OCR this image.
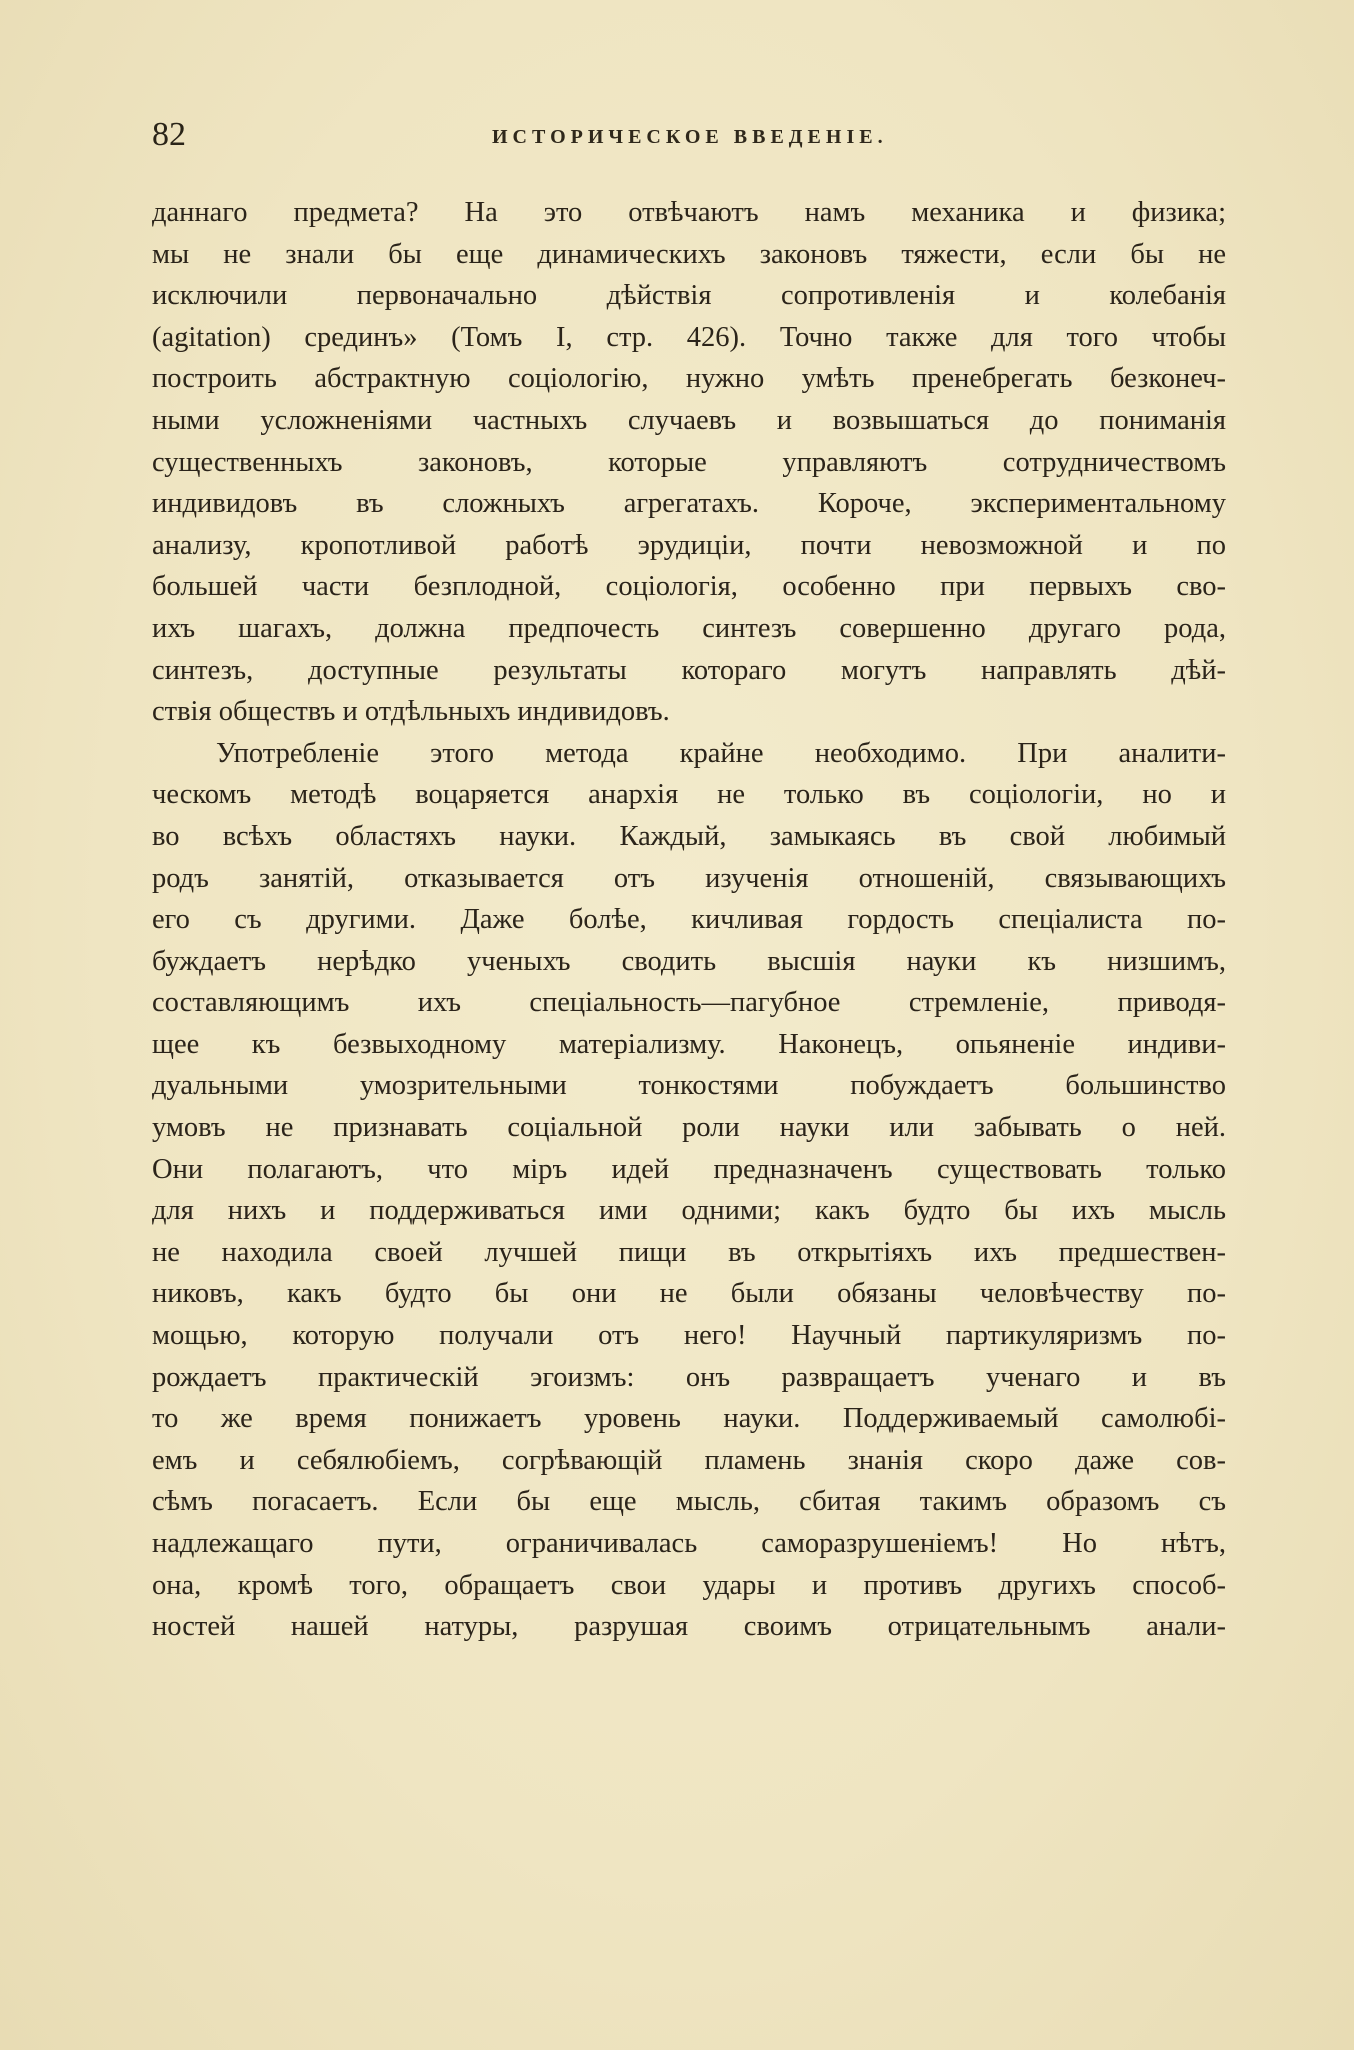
82	ИСТОРИЧЕСКОЕ ВВЕДЕНІЕ.
даннаго предмета? На это отвѣчаютъ намъ механика и физика;
мы не знали бы еще динамическихъ законовъ тяжести, если бы не
исключили первоначально дѣйствія сопротивленія и колебанія
(agitation) срединъ» (Томъ I, стр. 426). Точно также для того чтобы
построить абстрактную соціологію, нужно умѣть пренебрегать безконеч-
ными усложненіями частныхъ случаевъ и возвышаться до пониманія
существенныхъ законовъ, которые управляютъ сотрудничествомъ
индивидовъ въ сложныхъ агрегатахъ. Короче, экспериментальному
анализу, кропотливой работѣ эрудиціи, почти невозможной и по
большей части безплодной, соціологія, особенно при первыхъ сво-
ихъ шагахъ, должна предпочесть синтезъ совершенно другаго рода,
синтезъ, доступные результаты котораго могутъ направлять дѣй-
ствія обществъ и отдѣльныхъ индивидовъ.
Употребленіе этого метода крайне необходимо. При аналити-
ческомъ методѣ воцаряется анархія не только въ соціологіи, но и
во всѣхъ областяхъ науки. Каждый, замыкаясь въ свой любимый
родъ занятій, отказывается отъ изученія отношеній, связывающихъ
его съ другими. Даже болѣе, кичливая гордость спеціалиста по-
буждаетъ нерѣдко ученыхъ сводить высшія науки къ низшимъ,
составляющимъ ихъ спеціальность—пагубное стремленіе, приводя-
щее къ безвыходному матеріализму. Наконецъ, опьяненіе индиви-
дуальными умозрительными тонкостями побуждаетъ большинство
умовъ не признавать соціальной роли науки или забывать о ней.
Они полагаютъ, что міръ идей предназначенъ существовать только
для нихъ и поддерживаться ими одними; какъ будто бы ихъ мысль
не находила своей лучшей пищи въ открытіяхъ ихъ предшествен-
никовъ, какъ будто бы они не были обязаны человѣчеству по-
мощью, которую получали отъ него! Научный партикуляризмъ по-
рождаетъ практическій эгоизмъ: онъ развращаетъ ученаго и въ
то же время понижаетъ уровень науки. Поддерживаемый самолюбі-
емъ и себялюбіемъ, согрѣвающій пламень знанія скоро даже сов-
сѣмъ погасаетъ. Если бы еще мысль, сбитая такимъ образомъ съ
надлежащаго пути, ограничивалась саморазрушеніемъ! Но нѣтъ,
она, кромѣ того, обращаетъ свои удары и противъ другихъ способ-
ностей нашей натуры, разрушая своимъ отрицательнымъ анали-
